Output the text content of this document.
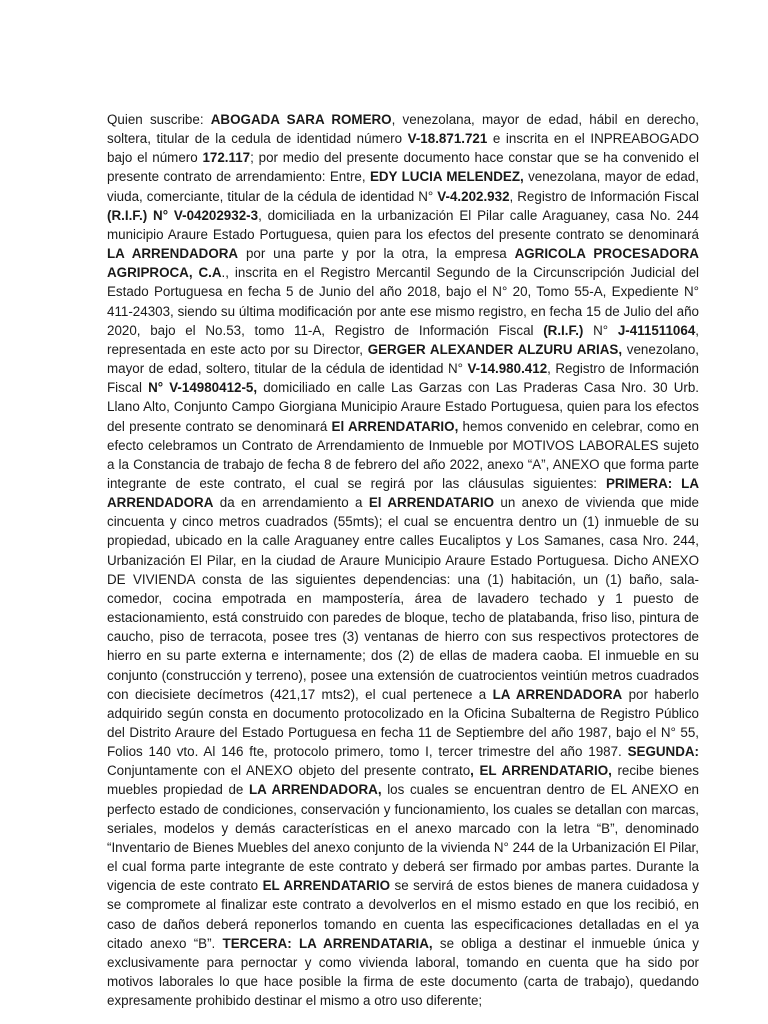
Quien suscribe: ABOGADA SARA ROMERO, venezolana, mayor de edad, hábil en derecho, soltera, titular de la cedula de identidad número V-18.871.721 e inscrita en el INPREABOGADO bajo el número 172.117; por medio del presente documento hace constar que se ha convenido el presente contrato de arrendamiento: Entre, EDY LUCIA MELENDEZ, venezolana, mayor de edad, viuda, comerciante, titular de la cédula de identidad N° V-4.202.932, Registro de Información Fiscal (R.I.F.) N° V-04202932-3, domiciliada en la urbanización El Pilar calle Araguaney, casa No. 244 municipio Araure Estado Portuguesa, quien para los efectos del presente contrato se denominará LA ARRENDADORA por una parte y por la otra, la empresa AGRICOLA PROCESADORA AGRIPROCA, C.A., inscrita en el Registro Mercantil Segundo de la Circunscripción Judicial del Estado Portuguesa en fecha 5 de Junio del año 2018, bajo el N° 20, Tomo 55-A, Expediente N° 411-24303, siendo su última modificación por ante ese mismo registro, en fecha 15 de Julio del año 2020, bajo el No.53, tomo 11-A, Registro de Información Fiscal (R.I.F.) N° J-411511064, representada en este acto por su Director, GERGER ALEXANDER ALZURU ARIAS, venezolano, mayor de edad, soltero, titular de la cédula de identidad N° V-14.980.412, Registro de Información Fiscal N° V-14980412-5, domiciliado en calle Las Garzas con Las Praderas Casa Nro. 30 Urb. Llano Alto, Conjunto Campo Giorgiana Municipio Araure Estado Portuguesa, quien para los efectos del presente contrato se denominará El ARRENDATARIO, hemos convenido en celebrar, como en efecto celebramos un Contrato de Arrendamiento de Inmueble por MOTIVOS LABORALES sujeto a la Constancia de trabajo de fecha 8 de febrero del año 2022, anexo “A”, ANEXO que forma parte integrante de este contrato, el cual se regirá por las cláusulas siguientes: PRIMERA: LA ARRENDADORA da en arrendamiento a El ARRENDATARIO un anexo de vivienda que mide cincuenta y cinco metros cuadrados (55mts); el cual se encuentra dentro un (1) inmueble de su propiedad, ubicado en la calle Araguaney entre calles Eucaliptos y Los Samanes, casa Nro. 244, Urbanización El Pilar, en la ciudad de Araure Municipio Araure Estado Portuguesa. Dicho ANEXO DE VIVIENDA consta de las siguientes dependencias: una (1) habitación, un (1) baño, sala-comedor, cocina empotrada en mampostería, área de lavadero techado y 1 puesto de estacionamiento, está construido con paredes de bloque, techo de platabanda, friso liso, pintura de caucho, piso de terracota, posee tres (3) ventanas de hierro con sus respectivos protectores de hierro en su parte externa e internamente; dos (2) de ellas de madera caoba. El inmueble en su conjunto (construcción y terreno), posee una extensión de cuatrocientos veintiún metros cuadrados con diecisiete decímetros (421,17 mts2), el cual pertenece a LA ARRENDADORA por haberlo adquirido según consta en documento protocolizado en la Oficina Subalterna de Registro Público del Distrito Araure del Estado Portuguesa en fecha 11 de Septiembre del año 1987, bajo el N° 55, Folios 140 vto. Al 146 fte, protocolo primero, tomo I, tercer trimestre del año 1987. SEGUNDA: Conjuntamente con el ANEXO objeto del presente contrato, EL ARRENDATARIO, recibe bienes muebles propiedad de LA ARRENDADORA, los cuales se encuentran dentro de EL ANEXO en perfecto estado de condiciones, conservación y funcionamiento, los cuales se detallan con marcas, seriales, modelos y demás características en el anexo marcado con la letra “B”, denominado “Inventario de Bienes Muebles del anexo conjunto de la vivienda N° 244 de la Urbanización El Pilar, el cual forma parte integrante de este contrato y deberá ser firmado por ambas partes. Durante la vigencia de este contrato EL ARRENDATARIO se servirá de estos bienes de manera cuidadosa y se compromete al finalizar este contrato a devolverlos en el mismo estado en que los recibió, en caso de daños deberá reponerlos tomando en cuenta las especificaciones detalladas en el ya citado anexo “B”. TERCERA: LA ARRENDATARIA, se obliga a destinar el inmueble única y exclusivamente para pernoctar y como vivienda laboral, tomando en cuenta que ha sido por motivos laborales lo que hace posible la firma de este documento (carta de trabajo), quedando expresamente prohibido destinar el mismo a otro uso diferente;
